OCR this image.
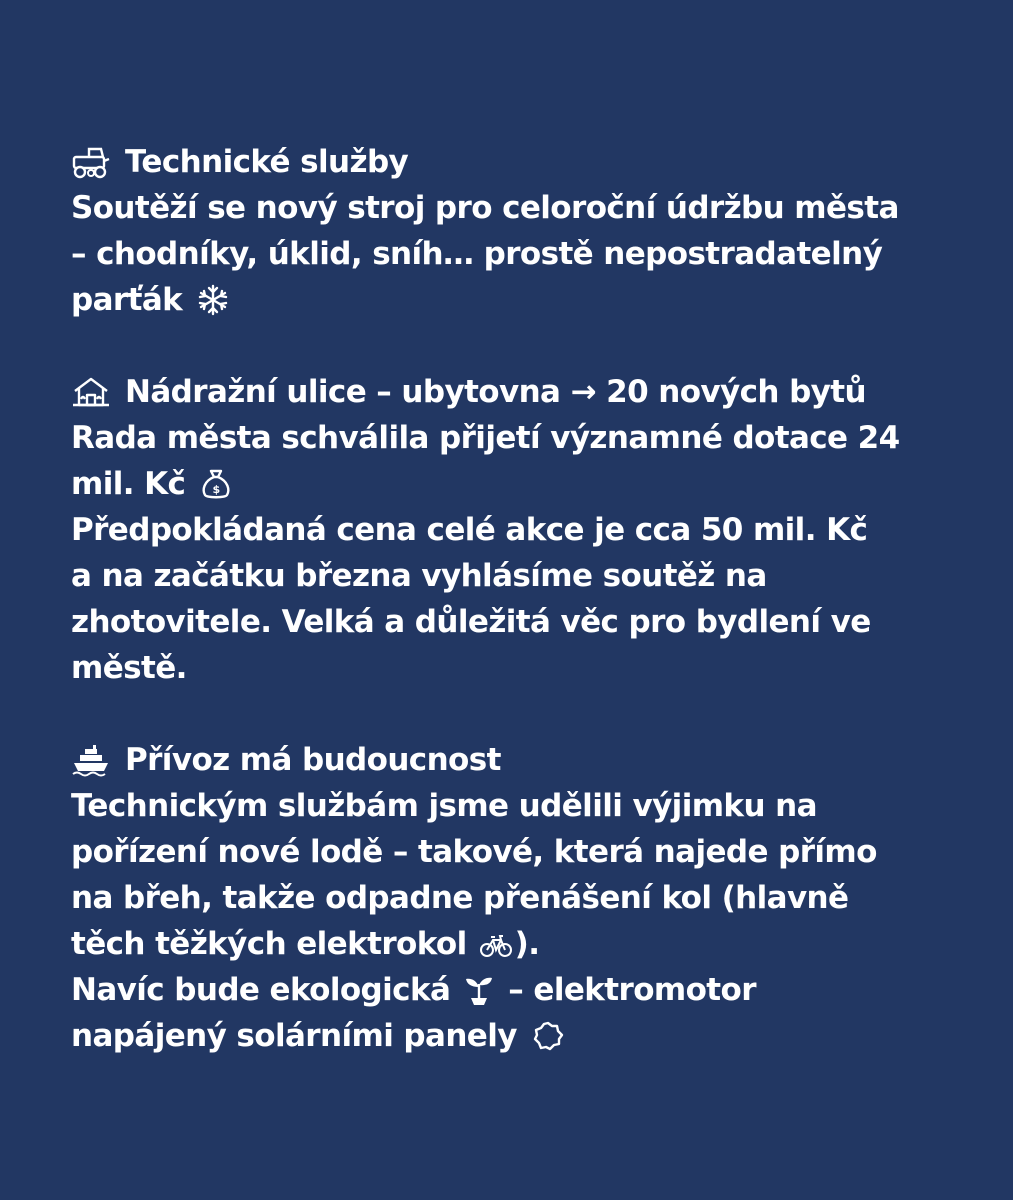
Technické služby
Soutěží se nový stroj pro celoroční údržbu města
– chodníky, úklid, sníh… prostě nepostradatelný
parťák
Nádražní ulice – ubytovna → 20 nových bytů
Rada města schválila přijetí významné dotace 24
mil. Kč $
Předpokládaná cena celé akce je cca 50 mil. Kč
a na začátku března vyhlásíme soutěž na
zhotovitele. Velká a důležitá věc pro bydlení ve
městě.
Přívoz má budoucnost
Technickým službám jsme udělili výjimku na
pořízení nové lodě – takové, která najede přímo
na břeh, takže odpadne přenášení kol (hlavně
těch těžkých elektrokol ).
Navíc bude ekologická – elektromotor
napájený solárními panely
